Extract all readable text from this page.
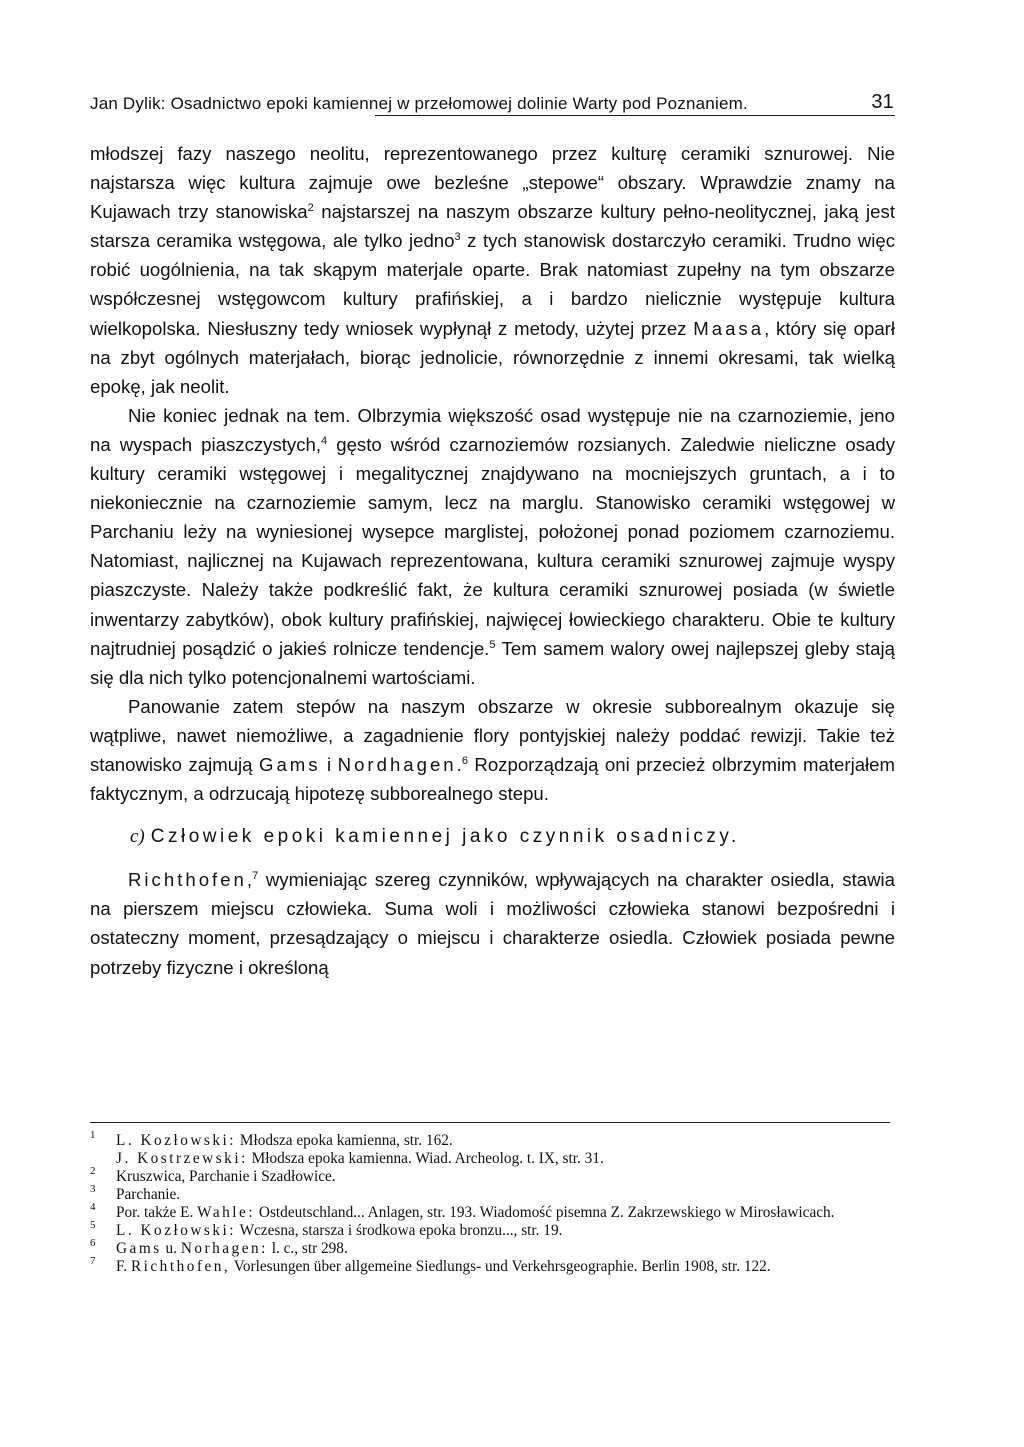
Jan Dylik: Osadnictwo epoki kamiennej w przełomowej dolinie Warty pod Poznaniem.	31

młodszej fazy naszego neolitu, reprezentowanego przez kulturę ceramiki sznurowej. Nie najstarsza więc kultura zajmuje owe bezleśne „stepowe“ obszary. Wprawdzie znamy na Kujawach trzy stanowiska$^2$ najstarszej na naszym obszarze kultury pełno-neolitycznej, jaką jest starsza ceramika wstęgowa, ale tylko jedno$^3$ z tych stanowisk dostarczyło ceramiki. Trudno więc robić uogólnienia, na tak skąpym materjale oparte. Brak natomiast zupełny na tym obszarze współczesnej wstęgowcom kultury prafińskiej, a i bardzo nielicznie występuje kultura wielkopolska. Niesłuszny tedy wniosek wypłynął z metody, użytej przez Maasa, który się oparł na zbyt ogólnych materjałach, biorąc jednolicie, równorzędnie z innemi okresami, tak wielką epokę, jak neolit.

Nie koniec jednak na tem. Olbrzymia większość osad występuje nie na czarnoziemie, jeno na wyspach piaszczystych,$^4$ gęsto wśród czarnoziemów rozsianych. Zaledwie nieliczne osady kultury ceramiki wstęgowej i megalitycznej znajdywano na mocniejszych gruntach, a i to niekoniecznie na czarnoziemie samym, lecz na marglu. Stanowisko ceramiki wstęgowej w Parchaniu leży na wyniesionej wysepce marglistej, położonej ponad poziomem czarnoziemu. Natomiast, najlicznej na Kujawach reprezentowana, kultura ceramiki sznurowej zajmuje wyspy piaszczyste. Należy także podkreślić fakt, że kultura ceramiki sznurowej posiada (w świetle inwentarzy zabytków), obok kultury prafińskiej, najwięcej łowieckiego charakteru. Obie te kultury najtrudniej posądzić o jakieś rolnicze tendencje.$^5$ Tem samem walory owej najlepszej gleby stają się dla nich tylko potencjonalnemi wartościami.

Panowanie zatem stepów na naszym obszarze w okresie subborealnym okazuje się wątpliwe, nawet niemożliwe, a zagadnienie flory pontyjskiej należy poddać rewizji. Takie też stanowisko zajmują Gams i Nordhagen.$^6$ Rozporządzają oni przecież olbrzymim materjałem faktycznym, a odrzucają hipotezę subborealnego stepu.

c) Człowiek epoki kamiennej jako czynnik osadniczy.

Richthofen,$^7$ wymieniając szereg czynników, wpływających na charakter osiedla, stawia na pierszem miejscu człowieka. Suma woli i możliwości człowieka stanowi bezpośredni i ostateczny moment, przesądzający o miejscu i charakterze osiedla. Człowiek posiada pewne potrzeby fizyczne i określoną

$^1$ L. Kozłowski: Młodsza epoka kamienna, str. 162.

J. Kostrzewski: Młodsza epoka kamienna. Wiad. Archeolog. t. IX, str. 31.

$^2$ Kruszwica, Parchanie i Szadłowice.

$^3$ Parchanie.

$^4$ Por. także E. Wahle: Ostdeutschland... Anlagen, str. 193. Wiadomość pisemna Z. Zakrzewskiego w Mirosławicach.

$^5$ L. Kozłowski: Wczesna, starsza i środkowa epoka bronzu..., str. 19.

$^6$ Gams u. Norhagen: l. c., str 298.

$^7$ F. Richthofen, Vorlesungen über allgemeine Siedlungs- und Verkehrsgeographie. Berlin 1908, str. 122.
